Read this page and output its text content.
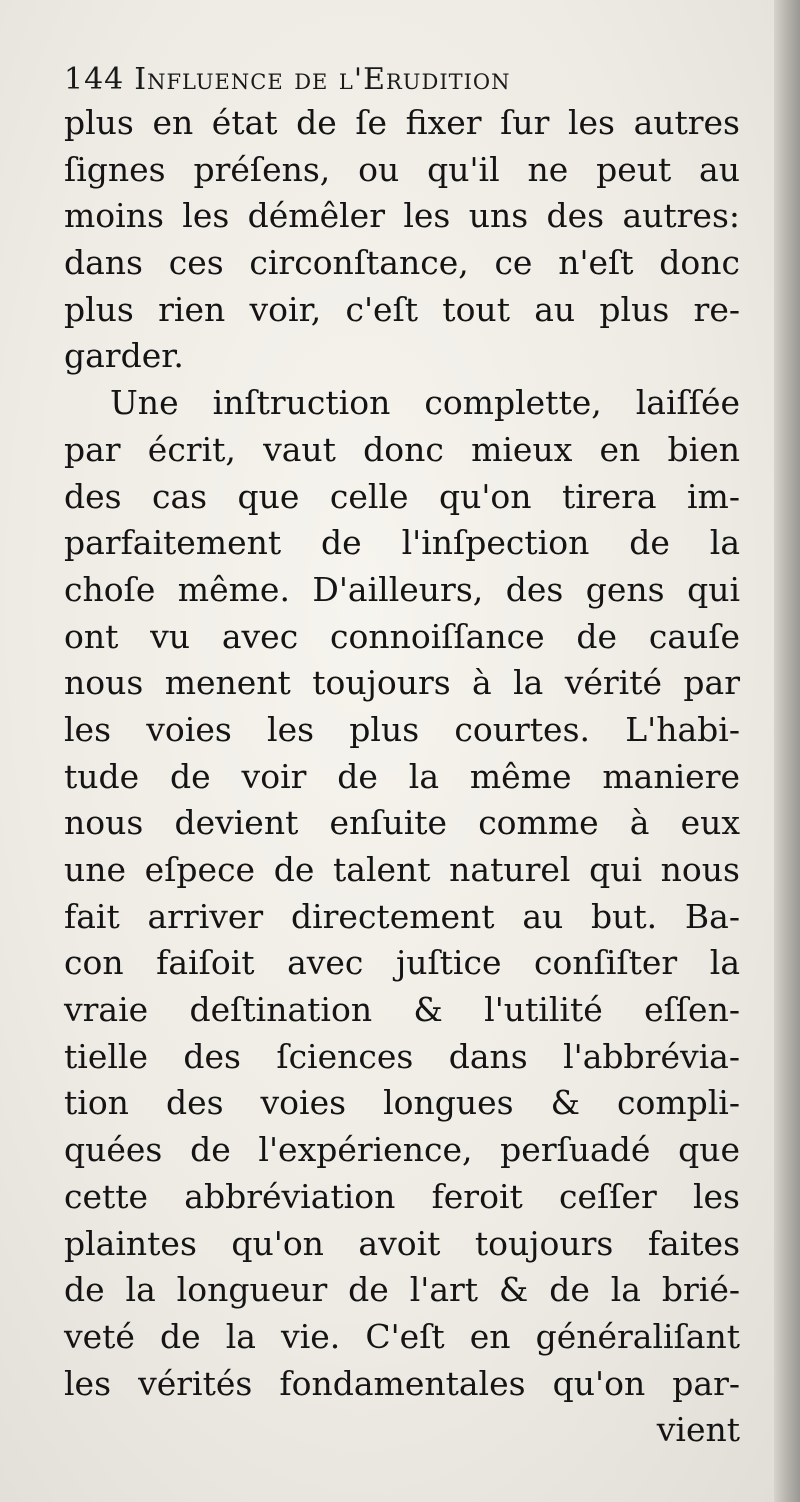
144 Influence de l'Erudition
plus en état de ſe fixer ſur les autres
ſignes préſens, ou qu'il ne peut au
moins les démêler les uns des autres:
dans ces circonſtance, ce n'eſt donc
plus rien voir, c'eſt tout au plus re-
garder.
Une inſtruction complette, laiſſée
par écrit, vaut donc mieux en bien
des cas que celle qu'on tirera im-
parfaitement de l'inſpection de la
choſe même. D'ailleurs, des gens qui
ont vu avec connoiſſance de cauſe
nous menent toujours à la vérité par
les voies les plus courtes. L'habi-
tude de voir de la même maniere
nous devient enſuite comme à eux
une eſpece de talent naturel qui nous
fait arriver directement au but. Ba-
con faiſoit avec juſtice conſiſter la
vraie deſtination & l'utilité eſſen-
tielle des ſciences dans l'abbrévia-
tion des voies longues & compli-
quées de l'expérience, perſuadé que
cette abbréviation feroit ceſſer les
plaintes qu'on avoit toujours faites
de la longueur de l'art & de la brié-
veté de la vie. C'eſt en généraliſant
les vérités fondamentales qu'on par-
vient
